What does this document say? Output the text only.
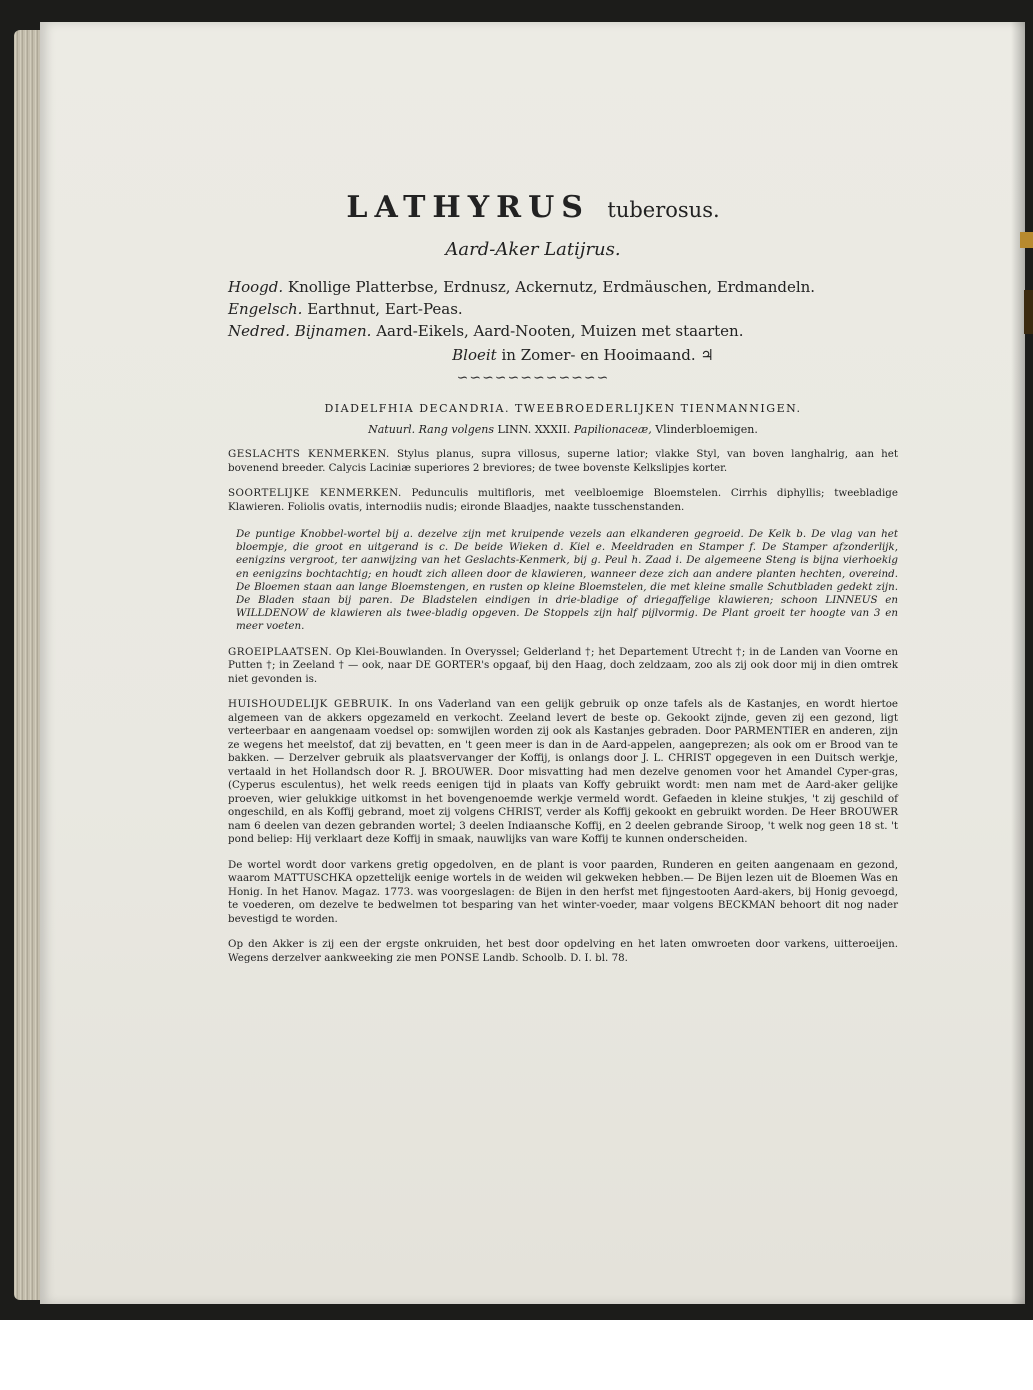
LATHYRUS tuberosus.
Aard-Aker Latijrus.
Hoogd. Knollige Platterbse, Erdnusz, Ackernutz, Erdmäuschen, Erdmandeln.
Engelsch. Earthnut, Eart-Peas.
Nedred. Bijnamen. Aard-Eikels, Aard-Nooten, Muizen met staarten.
Bloeit in Zomer- en Hooimaand. ♃
∽∽∽∽∽∽∽∽∽∽∽∽
DIADELFHIA DECANDRIA. TWEEBROEDERLIJKEN TIENMANNIGEN.
Natuurl. Rang volgens LINN. XXXII. Papilionaceæ, Vlinderbloemigen.

GESLACHTS KENMERKEN. Stylus planus, supra villosus, superne latior; vlakke Styl, van boven langhalrig, aan het bovenend breeder. Calycis Laciniæ superiores 2 breviores; de twee bovenste Kelkslipjes korter.

SOORTELIJKE KENMERKEN. Pedunculis multifloris, met veelbloemige Bloemstelen. Cirrhis diphyllis; tweebladige Klawieren. Foliolis ovatis, internodiis nudis; eironde Blaadjes, naakte tusschenstanden.

De puntige Knobbel-wortel bij a. dezelve zijn met kruipende vezels aan elkanderen gegroeid. De Kelk b. De vlag van het bloempje, die groot en uitgerand is c. De beide Wieken d. Kiel e. Meeldraden en Stamper f. De Stamper afzonderlijk, eenigzins vergroot, ter aanwijzing van het Geslachts-Kenmerk, bij g. Peul h. Zaad i. De algemeene Steng is bijna vierhoekig en eenigzins bochtachtig; en houdt zich alleen door de klawieren, wanneer deze zich aan andere planten hechten, overeind. De Bloemen staan aan lange Bloemstengen, en rusten op kleine Bloemstelen, die met kleine smalle Schutbladen gedekt zijn. De Bladen staan bij paren. De Bladstelen eindigen in drie-bladige of driegaffelige klawieren; schoon LINNEUS en WILLDENOW de klawieren als twee-bladig opgeven. De Stoppels zijn half pijlvormig. De Plant groeit ter hoogte van 3 en meer voeten.

GROEIPLAATSEN. Op Klei-Bouwlanden. In Overyssel; Gelderland †; het Departement Utrecht †; in de Landen van Voorne en Putten †; in Zeeland † — ook, naar DE GORTER's opgaaf, bij den Haag, doch zeldzaam, zoo als zij ook door mij in dien omtrek niet gevonden is.

HUISHOUDELIJK GEBRUIK. In ons Vaderland van een gelijk gebruik op onze tafels als de Kastanjes, en wordt hiertoe algemeen van de akkers opgezameld en verkocht. Zeeland levert de beste op. Gekookt zijnde, geven zij een gezond, ligt verteerbaar en aangenaam voedsel op: somwijlen worden zij ook als Kastanjes gebraden. Door PARMENTIER en anderen, zijn ze wegens het meelstof, dat zij bevatten, en 't geen meer is dan in de Aard-appelen, aangeprezen; als ook om er Brood van te bakken. — Derzelver gebruik als plaatsvervanger der Koffij, is onlangs door J. L. CHRIST opgegeven in een Duitsch werkje, vertaald in het Hollandsch door R. J. BROUWER. Door misvatting had men dezelve genomen voor het Amandel Cyper-gras, (Cyperus esculentus), het welk reeds eenigen tijd in plaats van Koffy gebruikt wordt: men nam met de Aard-aker gelijke proeven, wier gelukkige uitkomst in het bovengenoemde werkje vermeld wordt. Gefaeden in kleine stukjes, 't zij geschild of ongeschild, en als Koffij gebrand, moet zij volgens CHRIST, verder als Koffij gekookt en gebruikt worden. De Heer BROUWER nam 6 deelen van dezen gebranden wortel; 3 deelen Indiaansche Koffij, en 2 deelen gebrande Siroop, 't welk nog geen 18 st. 't pond beliep: Hij verklaart deze Koffij in smaak, nauwlijks van ware Koffij te kunnen onderscheiden.

De wortel wordt door varkens gretig opgedolven, en de plant is voor paarden, Runderen en geiten aangenaam en gezond, waarom MATTUSCHKA opzettelijk eenige wortels in de weiden wil gekweken hebben.— De Bijen lezen uit de Bloemen Was en Honig. In het Hanov. Magaz. 1773. was voorgeslagen: de Bijen in den herfst met fijngestooten Aard-akers, bij Honig gevoegd, te voederen, om dezelve te bedwelmen tot besparing van het winter-voeder, maar volgens BECKMAN behoort dit nog nader bevestigd te worden.

Op den Akker is zij een der ergste onkruiden, het best door opdelving en het laten omwroeten door varkens, uitteroeijen. Wegens derzelver aankweeking zie men PONSE Landb. Schoolb. D. I. bl. 78.
